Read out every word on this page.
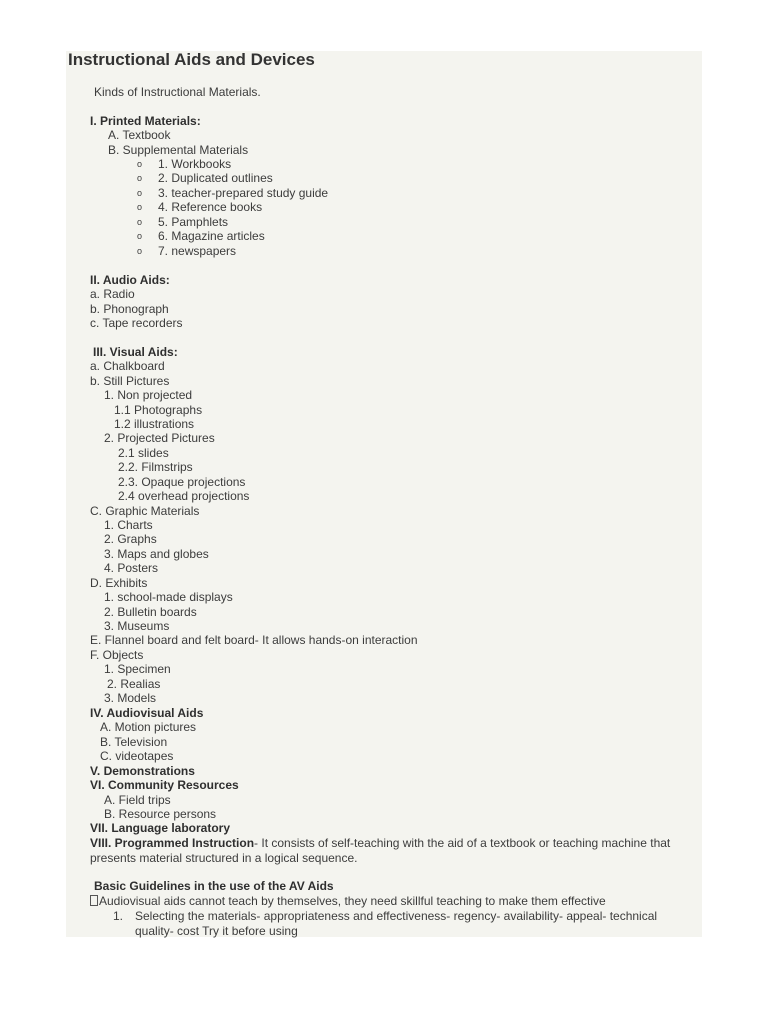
Instructional Aids and Devices
Kinds of Instructional Materials.
I. Printed Materials:
A. Textbook
B. Supplemental Materials
o 1. Workbooks
o 2. Duplicated outlines
o 3. teacher-prepared study guide
o 4. Reference books
o 5. Pamphlets
o 6. Magazine articles
o 7. newspapers
II. Audio Aids:
a. Radio
b. Phonograph
c. Tape recorders
III. Visual Aids:
a. Chalkboard
b. Still Pictures
1. Non projected
1.1 Photographs
1.2 illustrations
2. Projected Pictures
2.1 slides
2.2. Filmstrips
2.3. Opaque projections
2.4 overhead projections
C. Graphic Materials
1. Charts
2. Graphs
3. Maps and globes
4. Posters
D. Exhibits
1. school-made displays
2. Bulletin boards
3. Museums
E. Flannel board and felt board- It allows hands-on interaction
F. Objects
1. Specimen
2. Realias
3. Models
IV. Audiovisual Aids
A. Motion pictures
B. Television
C. videotapes
V. Demonstrations
VI. Community Resources
A. Field trips
B. Resource persons
VII. Language laboratory
VIII. Programmed Instruction- It consists of self-teaching with the aid of a textbook or teaching machine that presents material structured in a logical sequence.
Basic Guidelines in the use of the AV Aids
Audiovisual aids cannot teach by themselves, they need skillful teaching to make them effective
1. Selecting the materials- appropriateness and effectiveness- regency- availability- appeal- technical quality- cost Try it before using
